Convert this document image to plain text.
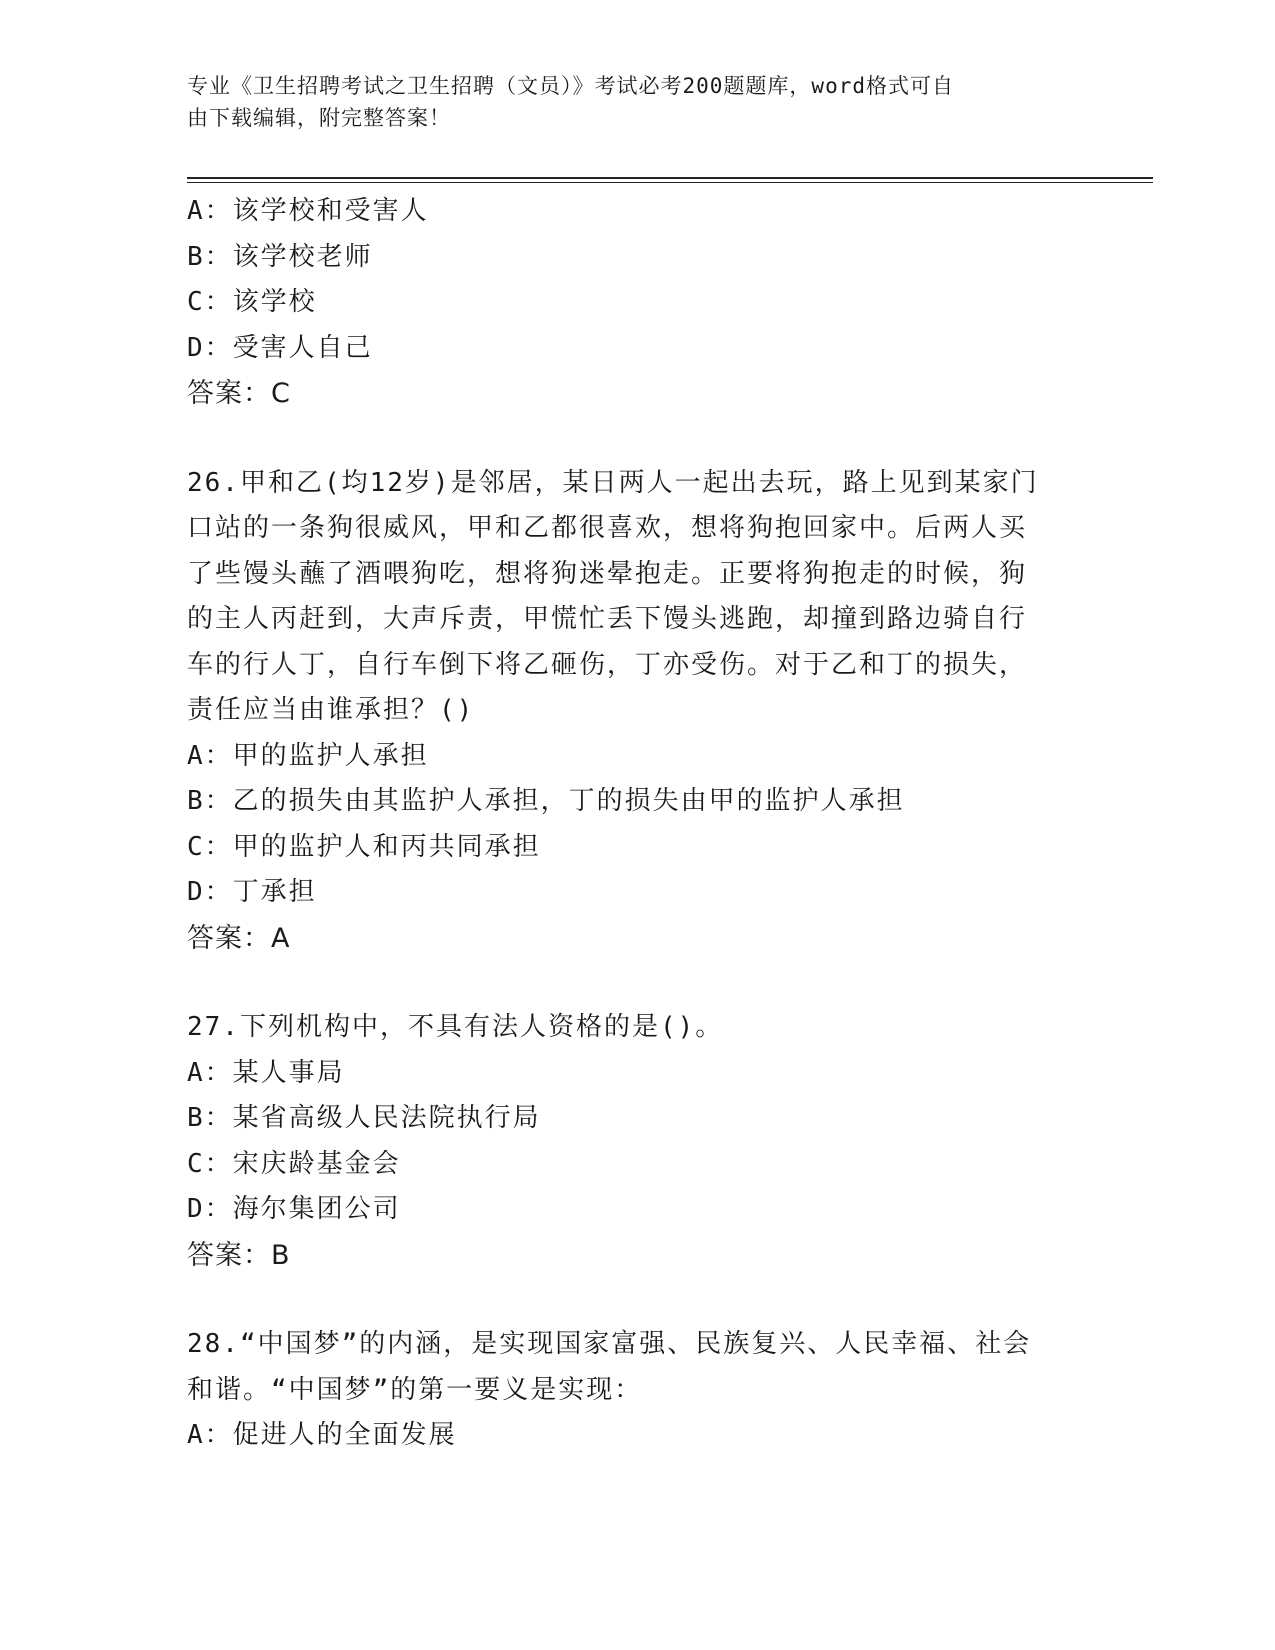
专业《卫生招聘考试之卫生招聘（文员）》考试必考200题题库，word格式可自
由下载编辑，附完整答案！
A：该学校和受害人
B：该学校老师
C：该学校
D：受害人自己
答案：C
26.甲和乙(均12岁)是邻居，某日两人一起出去玩，路上见到某家门
口站的一条狗很威风，甲和乙都很喜欢，想将狗抱回家中。后两人买
了些馒头蘸了酒喂狗吃，想将狗迷晕抱走。正要将狗抱走的时候，狗
的主人丙赶到，大声斥责，甲慌忙丢下馒头逃跑，却撞到路边骑自行
车的行人丁，自行车倒下将乙砸伤，丁亦受伤。对于乙和丁的损失，
责任应当由谁承担？()
A：甲的监护人承担
B：乙的损失由其监护人承担，丁的损失由甲的监护人承担
C：甲的监护人和丙共同承担
D：丁承担
答案：A
27.下列机构中，不具有法人资格的是()。
A：某人事局
B：某省高级人民法院执行局
C：宋庆龄基金会
D：海尔集团公司
答案：B
28.“中国梦”的内涵，是实现国家富强、民族复兴、人民幸福、社会
和谐。“中国梦”的第一要义是实现：
A：促进人的全面发展
